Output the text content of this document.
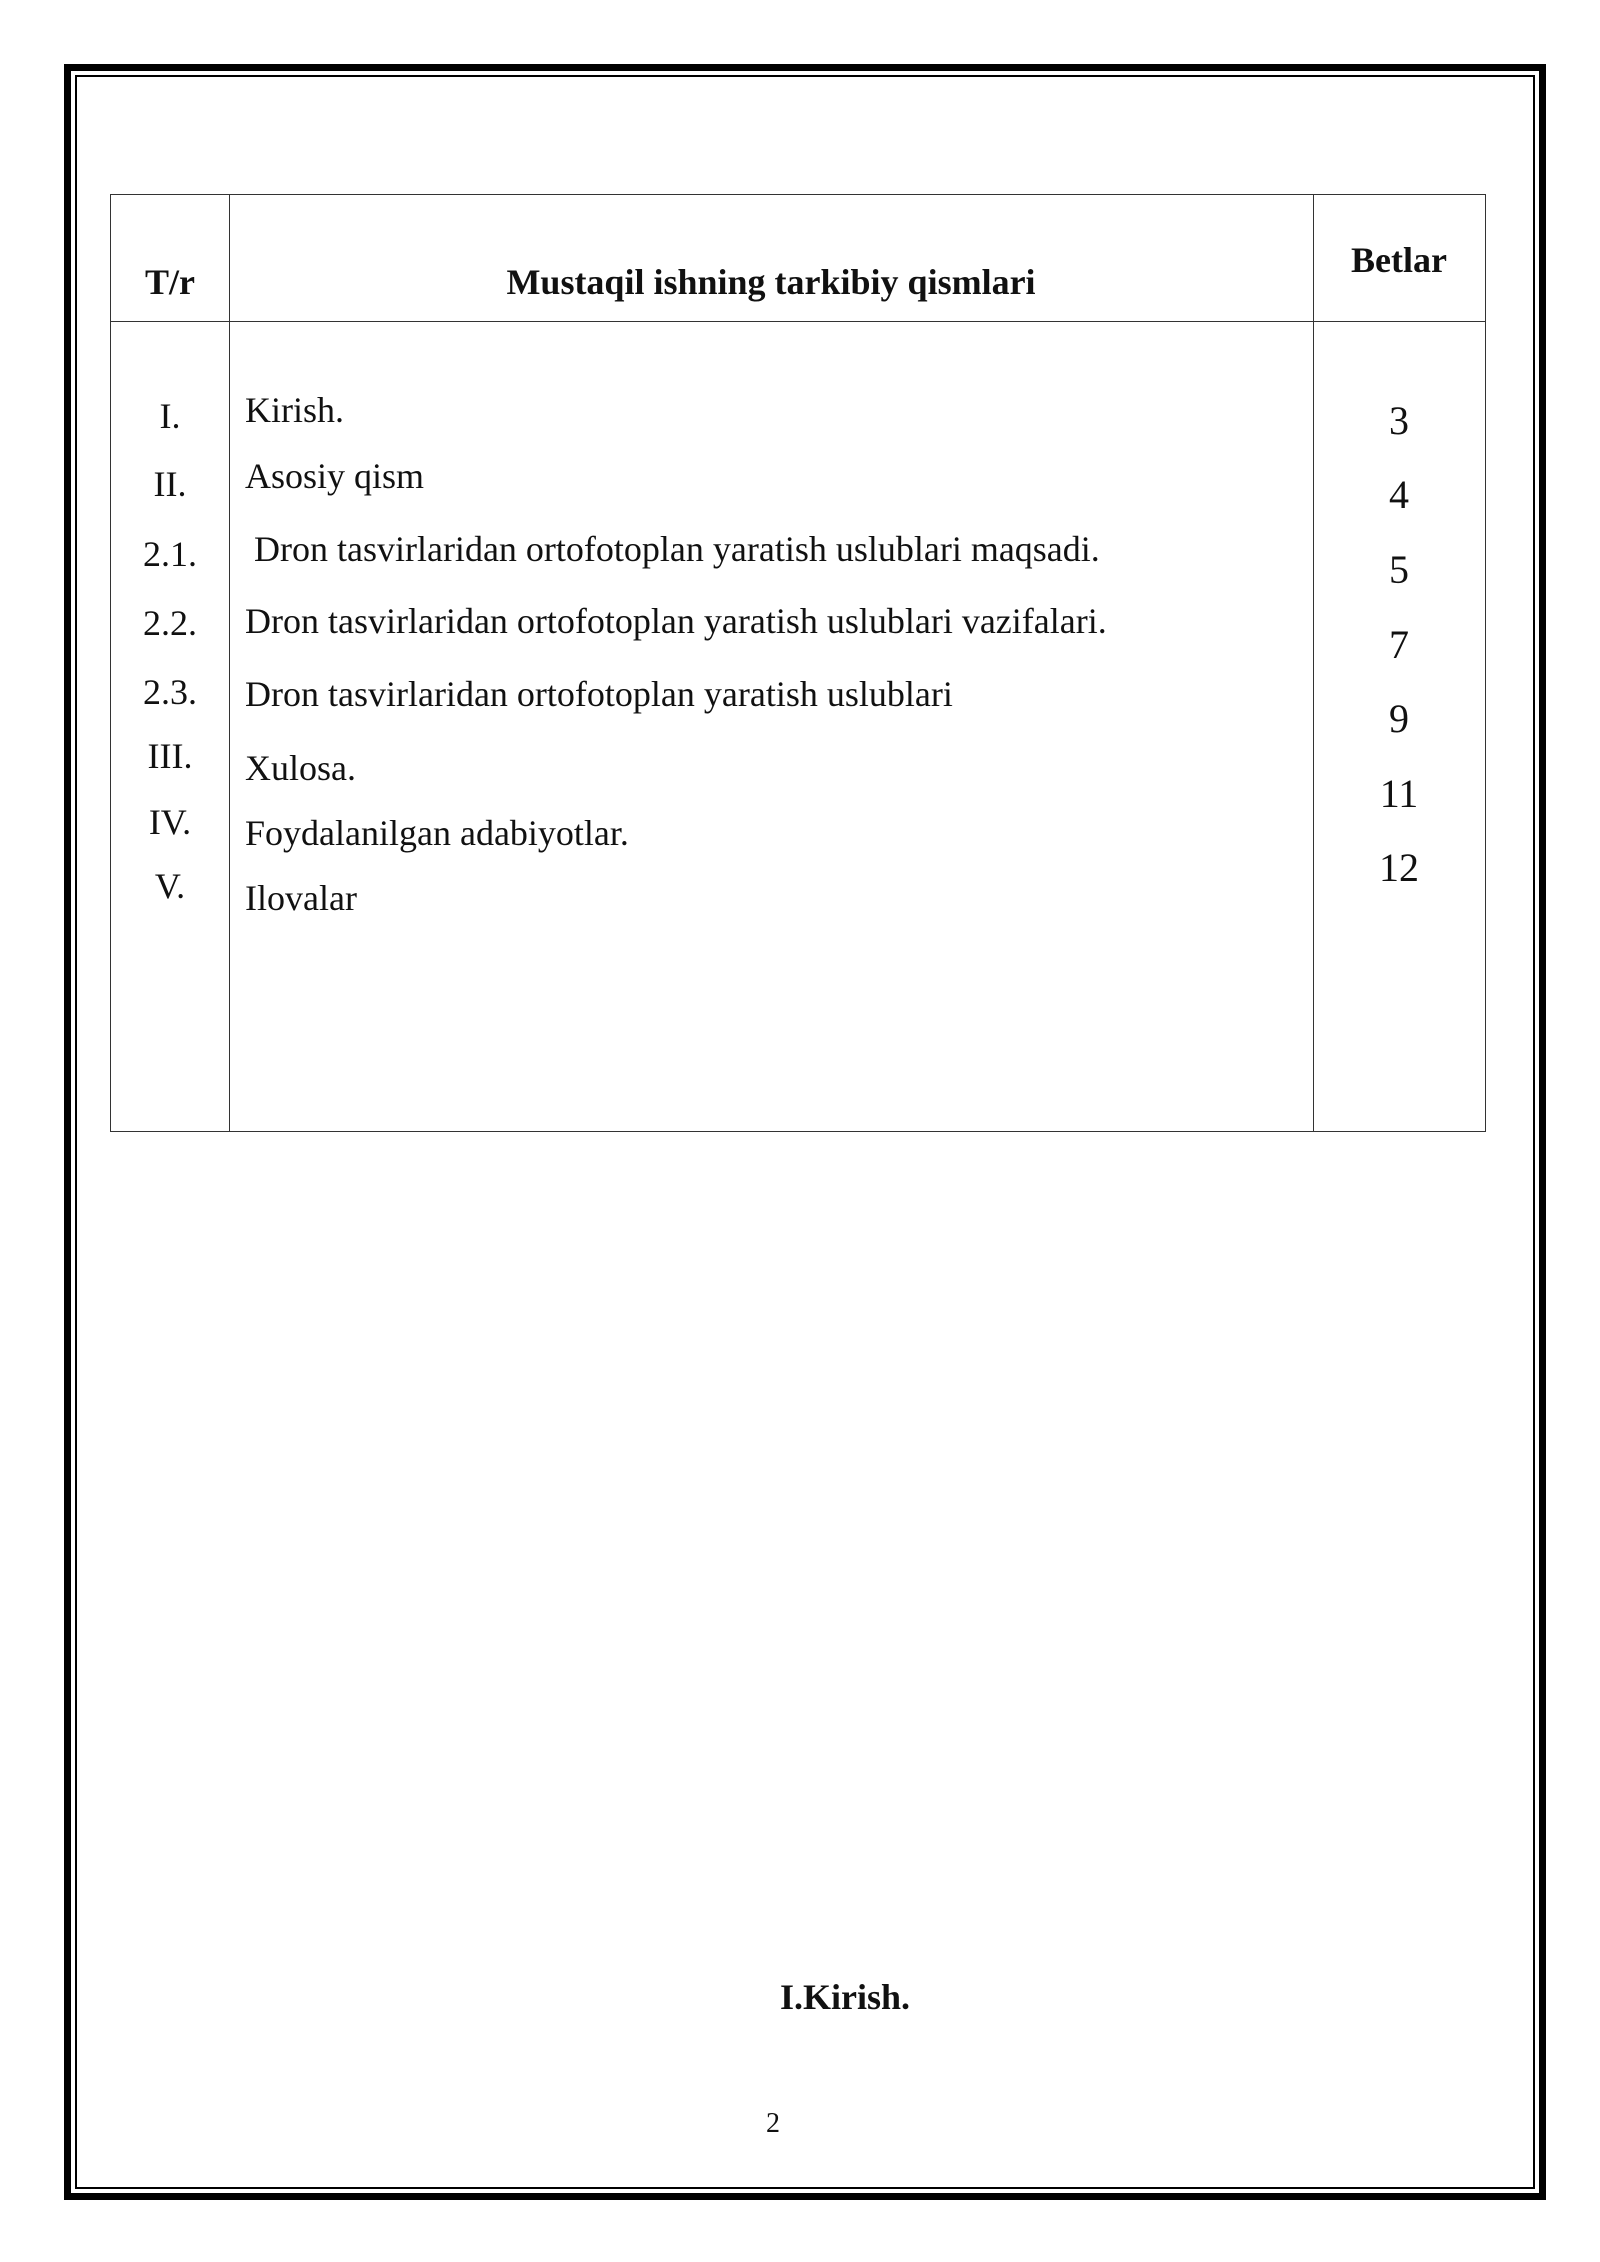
T/r	Mustaqil ishning tarkibiy qismlari
Betlar
I.
II.
2.1.
2.2.
2.3.
III.
IV.
V.
Kirish.
Asosiy qism
Dron tasvirlaridan ortofotoplan yaratish uslublari maqsadi.
Dron tasvirlaridan ortofotoplan yaratish uslublari vazifalari.
Dron tasvirlaridan ortofotoplan yaratish uslublari
Xulosa.
Foydalanilgan adabiyotlar.
Ilovalar
3
4
5
7
9
11
12
I.Kirish.
2
